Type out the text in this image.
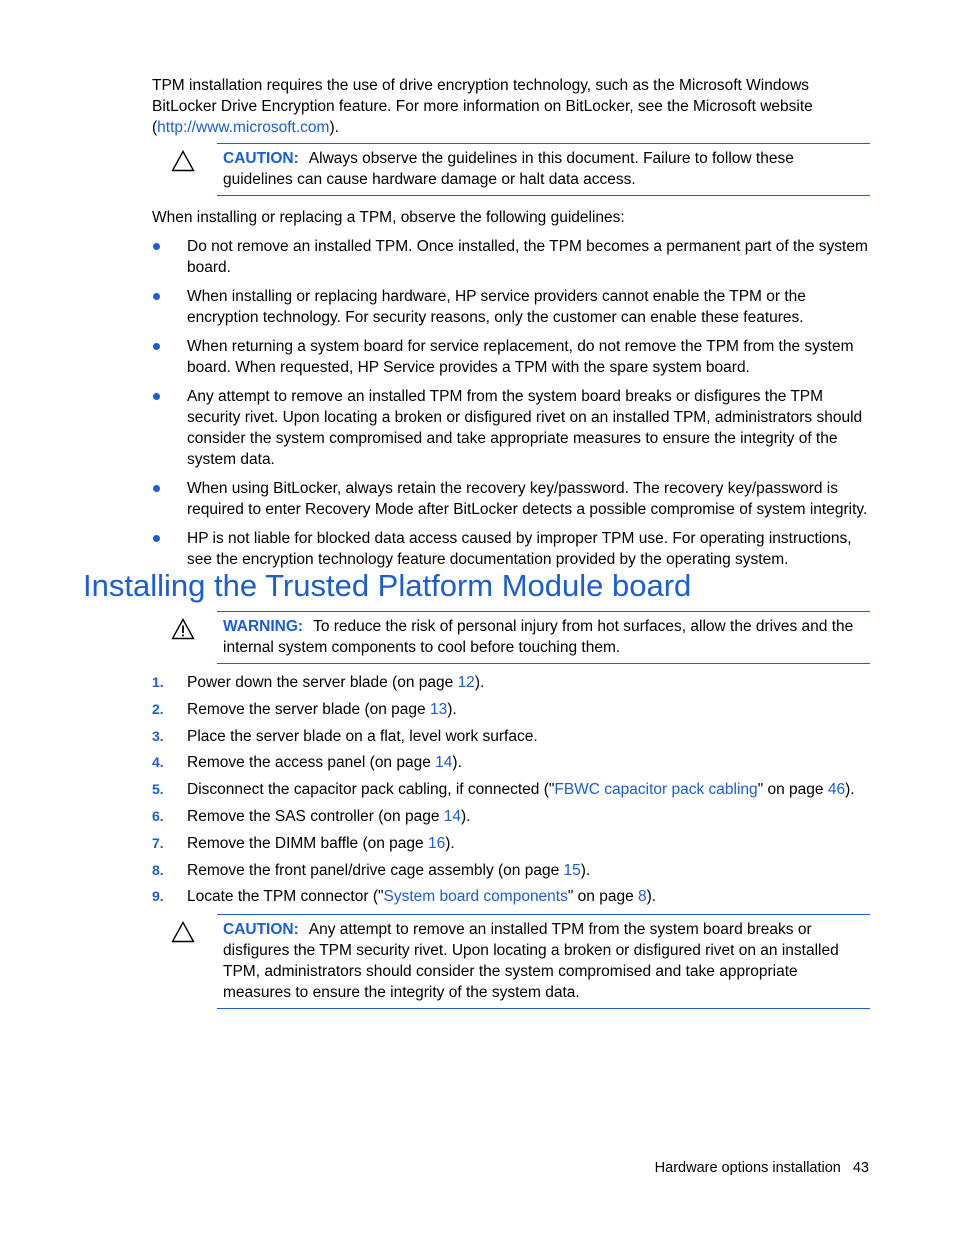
TPM installation requires the use of drive encryption technology, such as the Microsoft Windows BitLocker Drive Encryption feature. For more information on BitLocker, see the Microsoft website (http://www.microsoft.com).

CAUTION: Always observe the guidelines in this document. Failure to follow these guidelines can cause hardware damage or halt data access.

When installing or replacing a TPM, observe the following guidelines:

Do not remove an installed TPM. Once installed, the TPM becomes a permanent part of the system board.
When installing or replacing hardware, HP service providers cannot enable the TPM or the encryption technology. For security reasons, only the customer can enable these features.
When returning a system board for service replacement, do not remove the TPM from the system board. When requested, HP Service provides a TPM with the spare system board.
Any attempt to remove an installed TPM from the system board breaks or disfigures the TPM security rivet. Upon locating a broken or disfigured rivet on an installed TPM, administrators should consider the system compromised and take appropriate measures to ensure the integrity of the system data.
When using BitLocker, always retain the recovery key/password. The recovery key/password is required to enter Recovery Mode after BitLocker detects a possible compromise of system integrity.
HP is not liable for blocked data access caused by improper TPM use. For operating instructions, see the encryption technology feature documentation provided by the operating system.
Installing the Trusted Platform Module board
WARNING: To reduce the risk of personal injury from hot surfaces, allow the drives and the internal system components to cool before touching them.
1. Power down the server blade (on page 12).
2. Remove the server blade (on page 13).
3. Place the server blade on a flat, level work surface.
4. Remove the access panel (on page 14).
5. Disconnect the capacitor pack cabling, if connected ("FBWC capacitor pack cabling" on page 46).
6. Remove the SAS controller (on page 14).
7. Remove the DIMM baffle (on page 16).
8. Remove the front panel/drive cage assembly (on page 15).
9. Locate the TPM connector ("System board components" on page 8).
CAUTION: Any attempt to remove an installed TPM from the system board breaks or disfigures the TPM security rivet. Upon locating a broken or disfigured rivet on an installed TPM, administrators should consider the system compromised and take appropriate measures to ensure the integrity of the system data.
Hardware options installation 43
